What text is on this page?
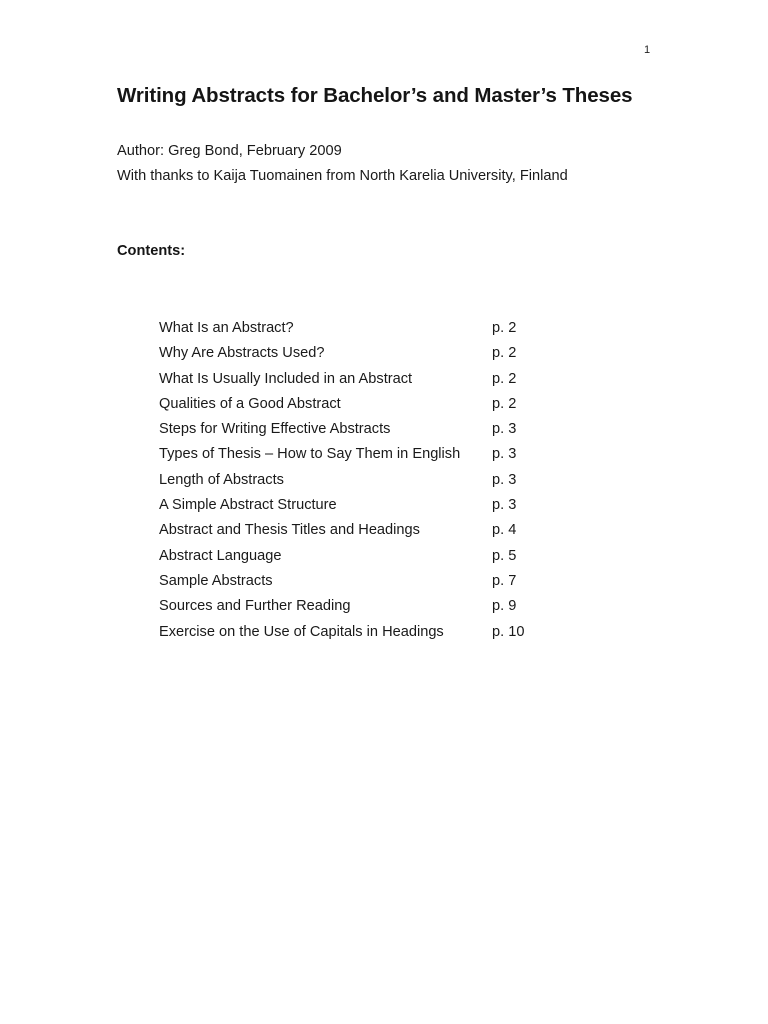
1
Writing Abstracts for Bachelor’s and Master’s Theses
Author: Greg Bond, February 2009
With thanks to Kaija Tuomainen from North Karelia University, Finland
Contents:
What Is an Abstract?	p. 2
Why Are Abstracts Used?	p. 2
What Is Usually Included in an Abstract	p. 2
Qualities of a Good Abstract	p. 2
Steps for Writing Effective Abstracts	p. 3
Types of Thesis – How to Say Them in English	p. 3
Length of Abstracts	p. 3
A Simple Abstract Structure	p. 3
Abstract and Thesis Titles and Headings	p. 4
Abstract Language	p. 5
Sample Abstracts	p. 7
Sources and Further Reading	p. 9
Exercise on the Use of Capitals in Headings	p. 10
